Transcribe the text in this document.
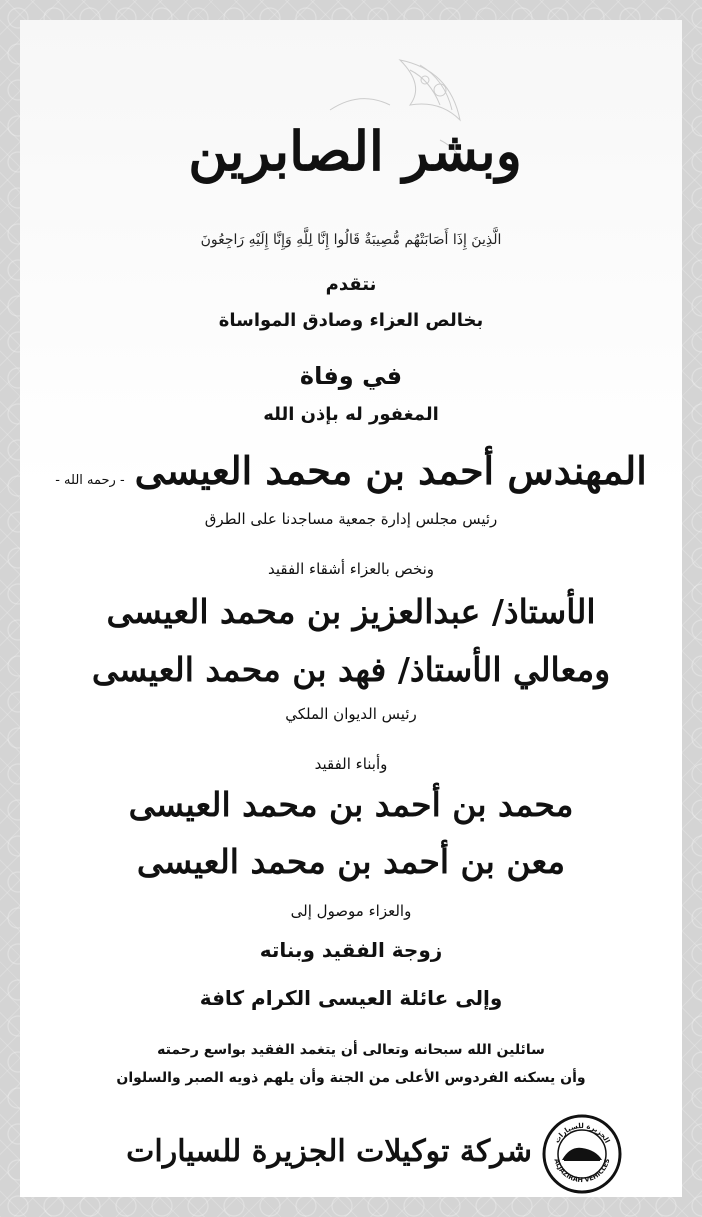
وبشر الصابرين
الَّذِينَ إِذَا أَصَابَتْهُم مُّصِيبَةٌ قَالُوا إِنَّا لِلَّهِ وَإِنَّا إِلَيْهِ رَاجِعُونَ
نتقدم
بخالص العزاء وصادق المواساة
في وفاة
المغفور له بإذن الله
المهندس أحمد بن محمد العيسى- رحمه الله -
رئيس مجلس إدارة جمعية مساجدنا على الطرق
ونخص بالعزاء أشقاء الفقيد
الأستاذ/ عبدالعزيز بن محمد العيسى
ومعالي الأستاذ/ فهد بن محمد العيسى
رئيس الديوان الملكي
وأبناء الفقيد
محمد بن أحمد بن محمد العيسى
معن بن أحمد بن محمد العيسى
والعزاء موصول إلى
زوجة الفقيد وبناته
وإلى عائلة العيسى الكرام كافة
سائلين الله سبحانه وتعالى أن يتغمد الفقيد بواسع رحمته
وأن يسكنه الفردوس الأعلى من الجنة وأن يلهم ذويه الصبر والسلوان
شركة توكيلات الجزيرة للسيارات	الجزيرة للسيارات
ALJAZIRAH VEHICLES
